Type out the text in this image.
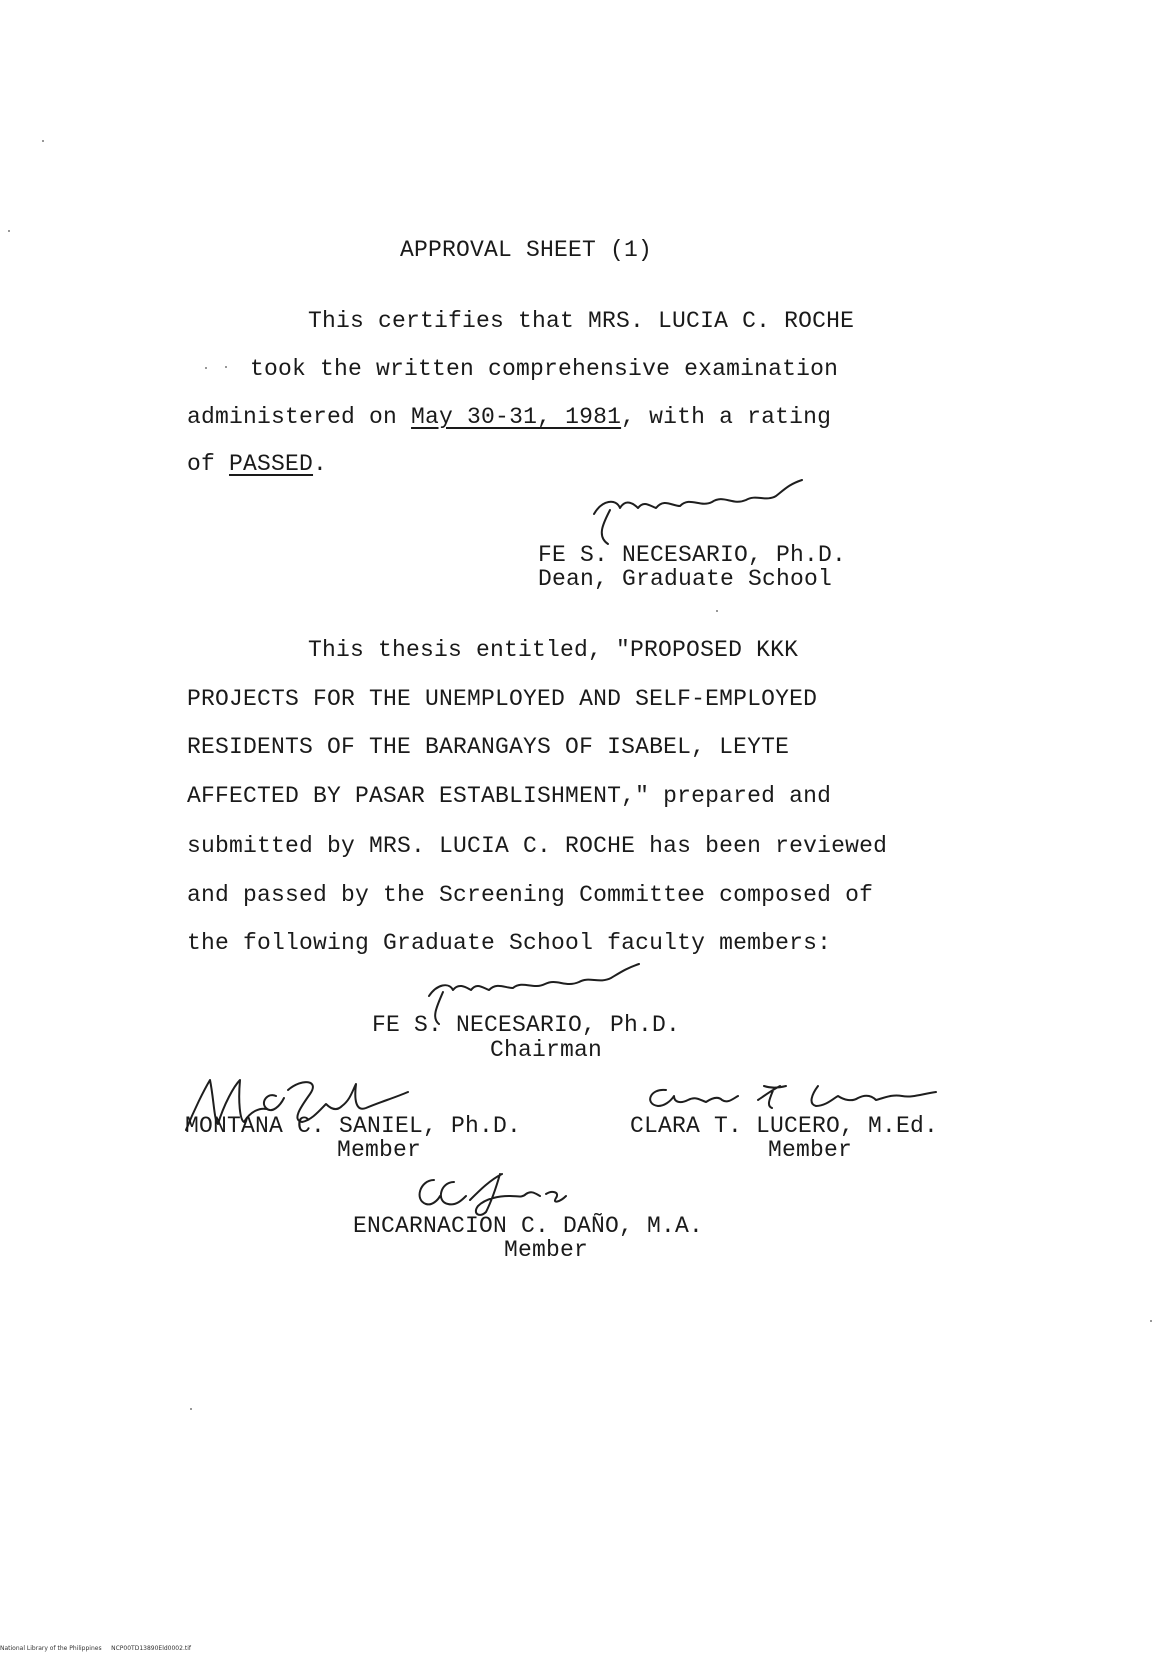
APPROVAL SHEET (1)
This certifies that MRS. LUCIA C. ROCHE
took the written comprehensive examination
administered on May 30-31, 1981, with a rating
of PASSED.
FE S. NECESARIO, Ph.D.
Dean, Graduate School
This thesis entitled, "PROPOSED KKK
PROJECTS FOR THE UNEMPLOYED AND SELF-EMPLOYED
RESIDENTS OF THE BARANGAYS OF ISABEL, LEYTE
AFFECTED BY PASAR ESTABLISHMENT," prepared and
submitted by MRS. LUCIA C. ROCHE has been reviewed
and passed by the Screening Committee composed of
the following Graduate School faculty members:
FE S. NECESARIO, Ph.D.
Chairman
MONTANA C. SANIEL, Ph.D.
Member
CLARA T. LUCERO, M.Ed.
Member
ENCARNACION C. DAÑO, M.A.
Member
National Library of the Philippines     NCP00TD13890Eld0002.tif
